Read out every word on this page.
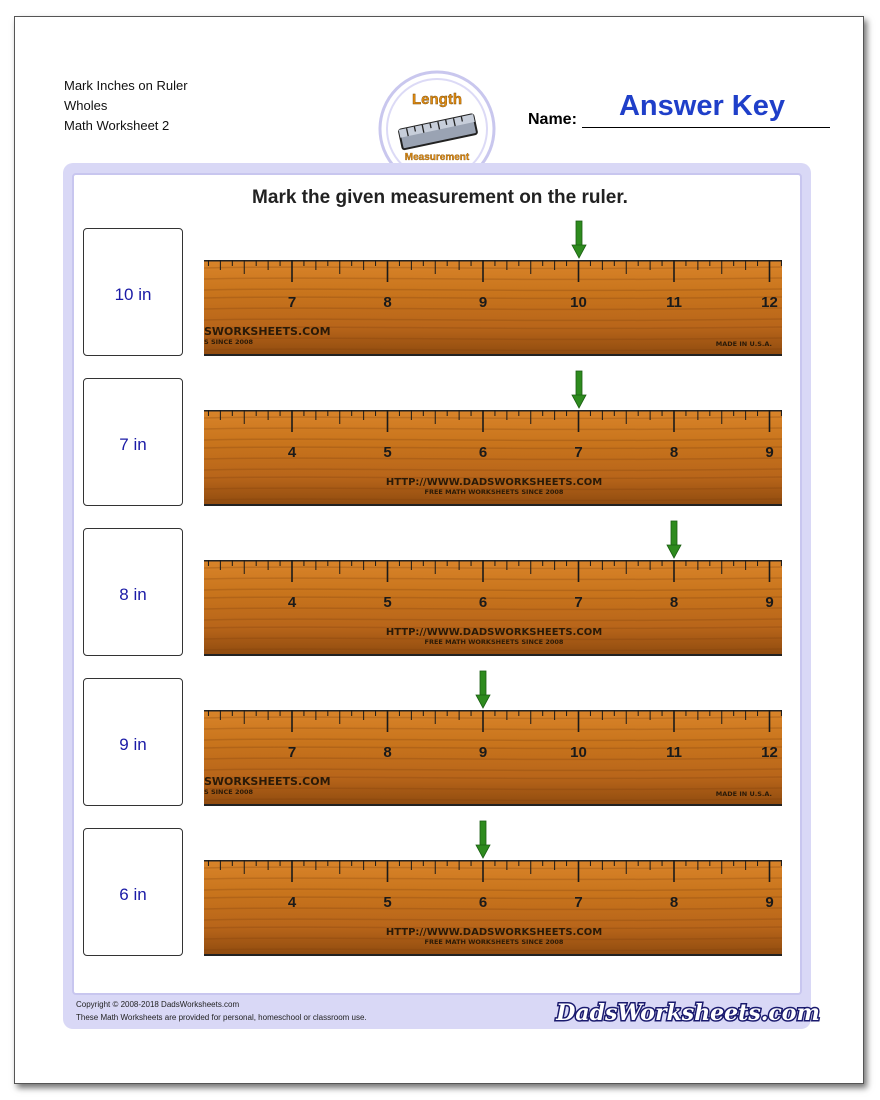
Mark Inches on Ruler
Wholes
Math Worksheet 2
Length
Measurement
Answer Key
Name:
Mark the given measurement on the ruler.
10 in	7	8	9	10	11	12
SWORKSHEETS.COM
S SINCE 2008	MADE IN U.S.A.
7 in	4	5	6	7	8	9
HTTP://WWW.DADSWORKSHEETS.COM
FREE MATH WORKSHEETS SINCE 2008
8 in	4	5	6	7	8	9
HTTP://WWW.DADSWORKSHEETS.COM
FREE MATH WORKSHEETS SINCE 2008
9 in	7	8	9	10	11	12
SWORKSHEETS.COM
S SINCE 2008	MADE IN U.S.A.
6 in	4	5	6	7	8	9
HTTP://WWW.DADSWORKSHEETS.COM
FREE MATH WORKSHEETS SINCE 2008
Copyright © 2008-2018 DadsWorksheets.com
These Math Worksheets are provided for personal, homeschool or classroom use.	DadsWorksheets.com
